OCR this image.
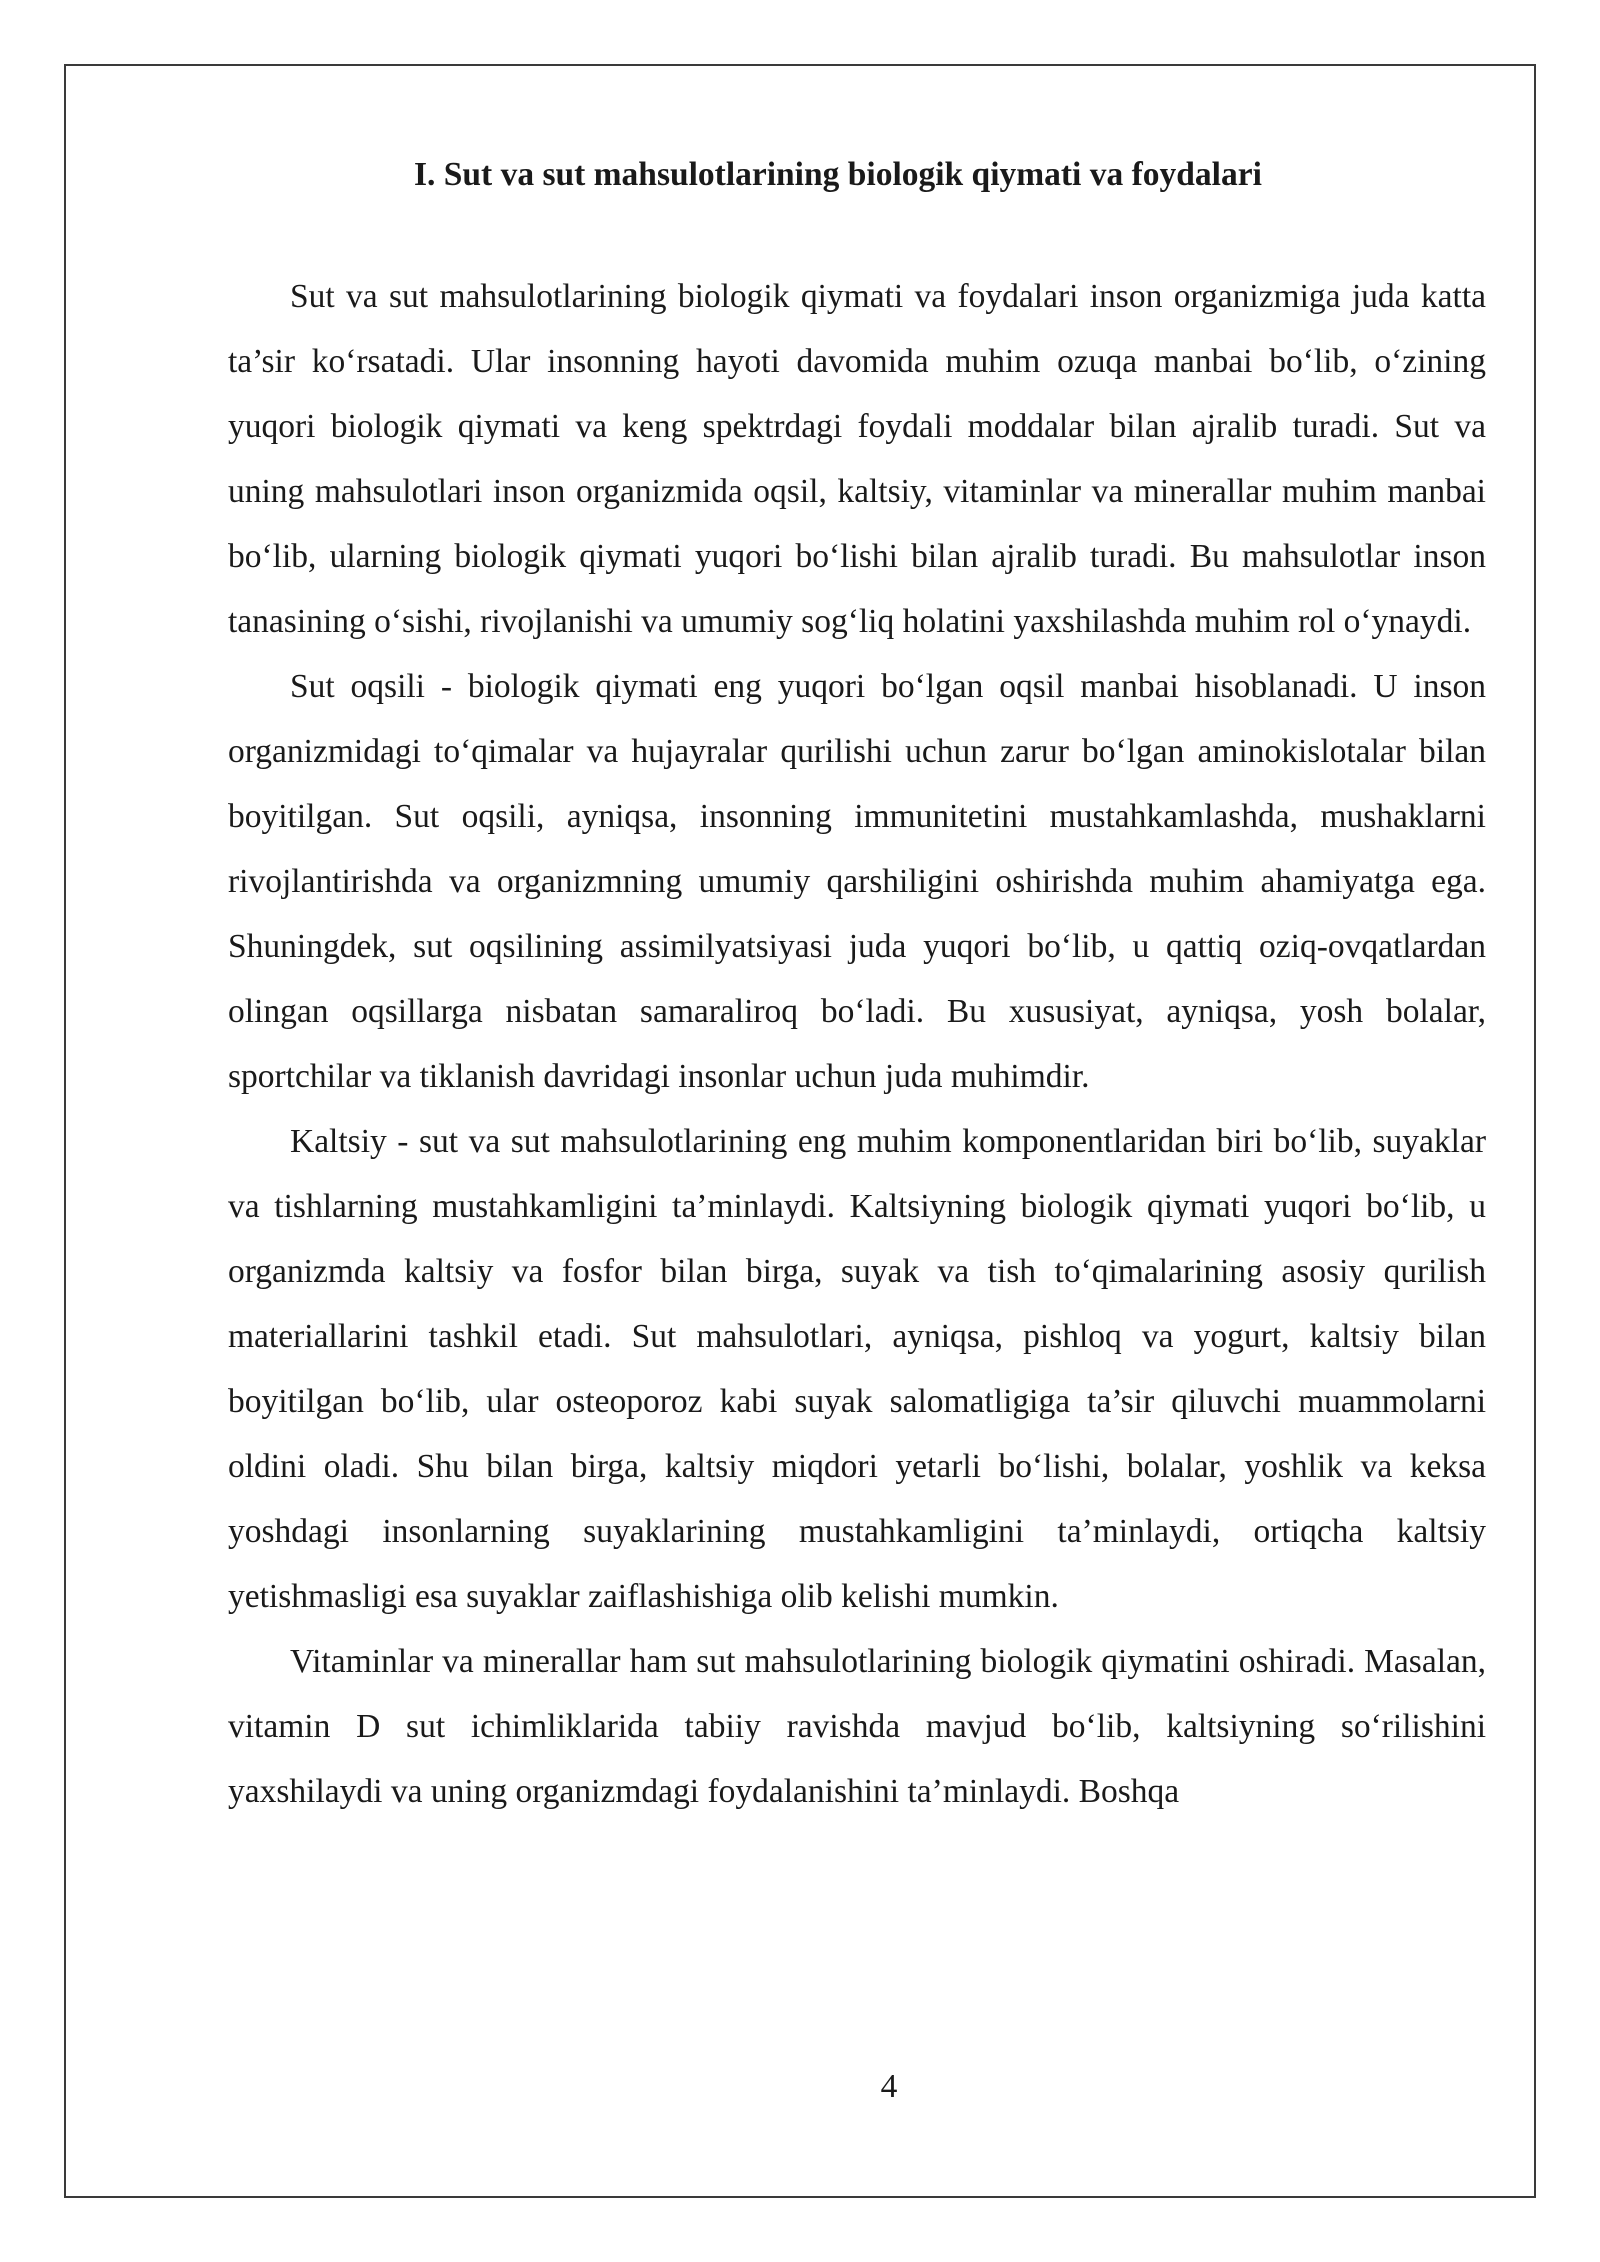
I. Sut va sut mahsulotlarining biologik qiymati va foydalari

Sut va sut mahsulotlarining biologik qiymati va foydalari inson organizmiga juda katta ta’sir ko‘rsatadi. Ular insonning hayoti davomida muhim ozuqa manbai bo‘lib, o‘zining yuqori biologik qiymati va keng spektrdagi foydali moddalar bilan ajralib turadi. Sut va uning mahsulotlari inson organizmida oqsil, kaltsiy, vitaminlar va minerallar muhim manbai bo‘lib, ularning biologik qiymati yuqori bo‘lishi bilan ajralib turadi. Bu mahsulotlar inson tanasining o‘sishi, rivojlanishi va umumiy sog‘liq holatini yaxshilashda muhim rol o‘ynaydi.

Sut oqsili - biologik qiymati eng yuqori bo‘lgan oqsil manbai hisoblanadi. U inson organizmidagi to‘qimalar va hujayralar qurilishi uchun zarur bo‘lgan aminokislotalar bilan boyitilgan. Sut oqsili, ayniqsa, insonning immunitetini mustahkamlashda, mushaklarni rivojlantirishda va organizmning umumiy qarshiligini oshirishda muhim ahamiyatga ega. Shuningdek, sut oqsilining assimilyatsiyasi juda yuqori bo‘lib, u qattiq oziq-ovqatlardan olingan oqsillarga nisbatan samaraliroq bo‘ladi. Bu xususiyat, ayniqsa, yosh bolalar, sportchilar va tiklanish davridagi insonlar uchun juda muhimdir.

Kaltsiy - sut va sut mahsulotlarining eng muhim komponentlaridan biri bo‘lib, suyaklar va tishlarning mustahkamligini ta’minlaydi. Kaltsiyning biologik qiymati yuqori bo‘lib, u organizmda kaltsiy va fosfor bilan birga, suyak va tish to‘qimalarining asosiy qurilish materiallarini tashkil etadi. Sut mahsulotlari, ayniqsa, pishloq va yogurt, kaltsiy bilan boyitilgan bo‘lib, ular osteoporoz kabi suyak salomatligiga ta’sir qiluvchi muammolarni oldini oladi. Shu bilan birga, kaltsiy miqdori yetarli bo‘lishi, bolalar, yoshlik va keksa yoshdagi insonlarning suyaklarining mustahkamligini ta’minlaydi, ortiqcha kaltsiy yetishmasligi esa suyaklar zaiflashishiga olib kelishi mumkin.

Vitaminlar va minerallar ham sut mahsulotlarining biologik qiymatini oshiradi. Masalan, vitamin D sut ichimliklarida tabiiy ravishda mavjud bo‘lib, kaltsiyning so‘rilishini yaxshilaydi va uning organizmdagi foydalanishini ta’minlaydi. Boshqa

4
